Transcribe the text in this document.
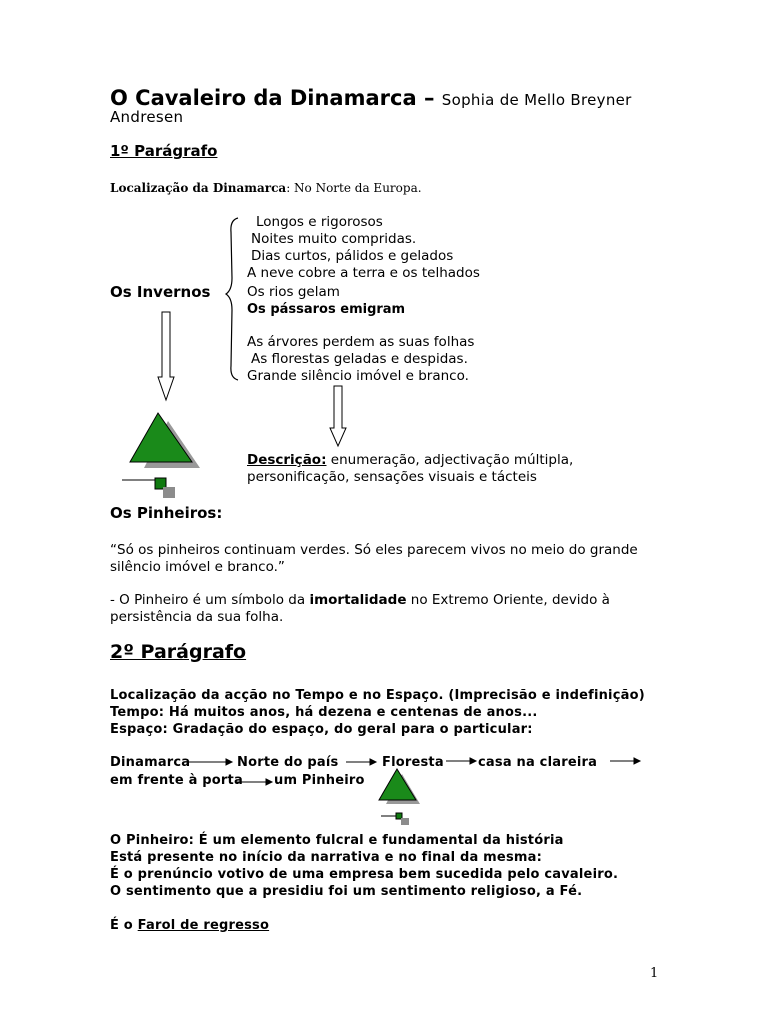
O Cavaleiro da Dinamarca – Sophia de Mello Breyner
Andresen
1º Parágrafo
Localização da Dinamarca: No Norte da Europa.
Os Invernos
Longos e rigorosos
Noites muito compridas.
Dias curtos, pálidos e gelados
A neve cobre a terra e os telhados
Os rios gelam
Os pássaros emigram
As árvores perdem as suas folhas
As florestas geladas e despidas.
Grande silêncio imóvel e branco.
Descrição: enumeração, adjectivação múltipla,
personificação, sensações visuais e tácteis
Os Pinheiros:
“Só os pinheiros continuam verdes. Só eles parecem vivos no meio do grande
silêncio imóvel e branco.”
- O Pinheiro é um símbolo da imortalidade no Extremo Oriente, devido à
persistência da sua folha.
2º Parágrafo
Localização da acção no Tempo e no Espaço. (Imprecisão e indefinição)
Tempo: Há muitos anos, há dezena e centenas de anos...
Espaço: Gradação do espaço, do geral para o particular:
Dinamarca	Norte do país	Floresta	casa na clareira
em frente à porta um Pinheiro
O Pinheiro: É um elemento fulcral e fundamental da história
Está presente no início da narrativa e no final da mesma:
É o prenúncio votivo de uma empresa bem sucedida pelo cavaleiro.
O sentimento que a presidiu foi um sentimento religioso, a Fé.
É o Farol de regresso
1
